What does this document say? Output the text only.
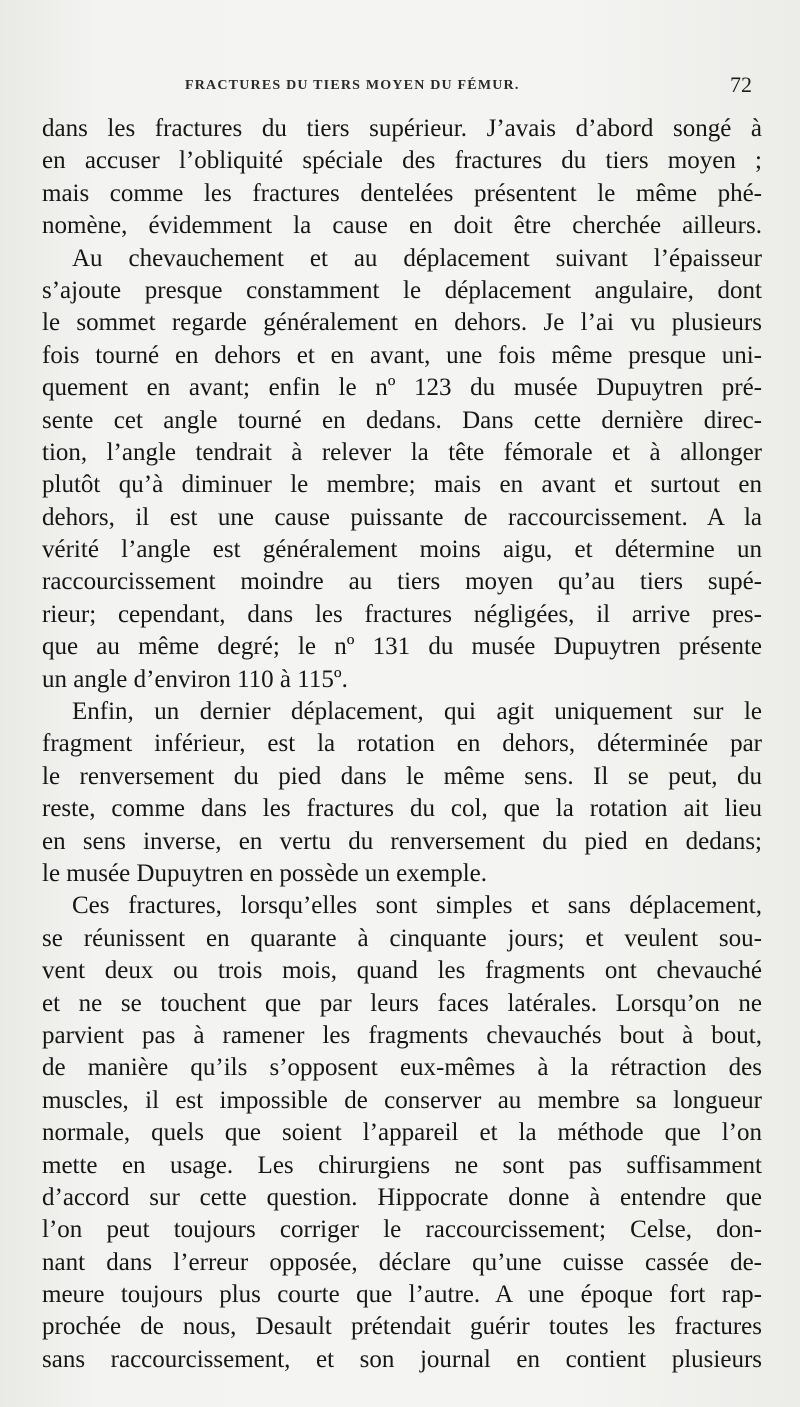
FRACTURES DU TIERS MOYEN DU FÉMUR.	72
dans les fractures du tiers supérieur. J’avais d’abord songé à
en accuser l’obliquité spéciale des fractures du tiers moyen ;
mais comme les fractures dentelées présentent le même phé-
nomène, évidemment la cause en doit être cherchée ailleurs.
Au chevauchement et au déplacement suivant l’épaisseur
s’ajoute presque constamment le déplacement angulaire, dont
le sommet regarde généralement en dehors. Je l’ai vu plusieurs
fois tourné en dehors et en avant, une fois même presque uni-
quement en avant; enfin le nº 123 du musée Dupuytren pré-
sente cet angle tourné en dedans. Dans cette dernière direc-
tion, l’angle tendrait à relever la tête fémorale et à allonger
plutôt qu’à diminuer le membre; mais en avant et surtout en
dehors, il est une cause puissante de raccourcissement. A la
vérité l’angle est généralement moins aigu, et détermine un
raccourcissement moindre au tiers moyen qu’au tiers supé-
rieur; cependant, dans les fractures négligées, il arrive pres-
que au même degré; le nº 131 du musée Dupuytren présente
un angle d’environ 110 à 115º.
Enfin, un dernier déplacement, qui agit uniquement sur le
fragment inférieur, est la rotation en dehors, déterminée par
le renversement du pied dans le même sens. Il se peut, du
reste, comme dans les fractures du col, que la rotation ait lieu
en sens inverse, en vertu du renversement du pied en dedans;
le musée Dupuytren en possède un exemple.
Ces fractures, lorsqu’elles sont simples et sans déplacement,
se réunissent en quarante à cinquante jours; et veulent sou-
vent deux ou trois mois, quand les fragments ont chevauché
et ne se touchent que par leurs faces latérales. Lorsqu’on ne
parvient pas à ramener les fragments chevauchés bout à bout,
de manière qu’ils s’opposent eux-mêmes à la rétraction des
muscles, il est impossible de conserver au membre sa longueur
normale, quels que soient l’appareil et la méthode que l’on
mette en usage. Les chirurgiens ne sont pas suffisamment
d’accord sur cette question. Hippocrate donne à entendre que
l’on peut toujours corriger le raccourcissement; Celse, don-
nant dans l’erreur opposée, déclare qu’une cuisse cassée de-
meure toujours plus courte que l’autre. A une époque fort rap-
prochée de nous, Desault prétendait guérir toutes les fractures
sans raccourcissement, et son journal en contient plusieurs
